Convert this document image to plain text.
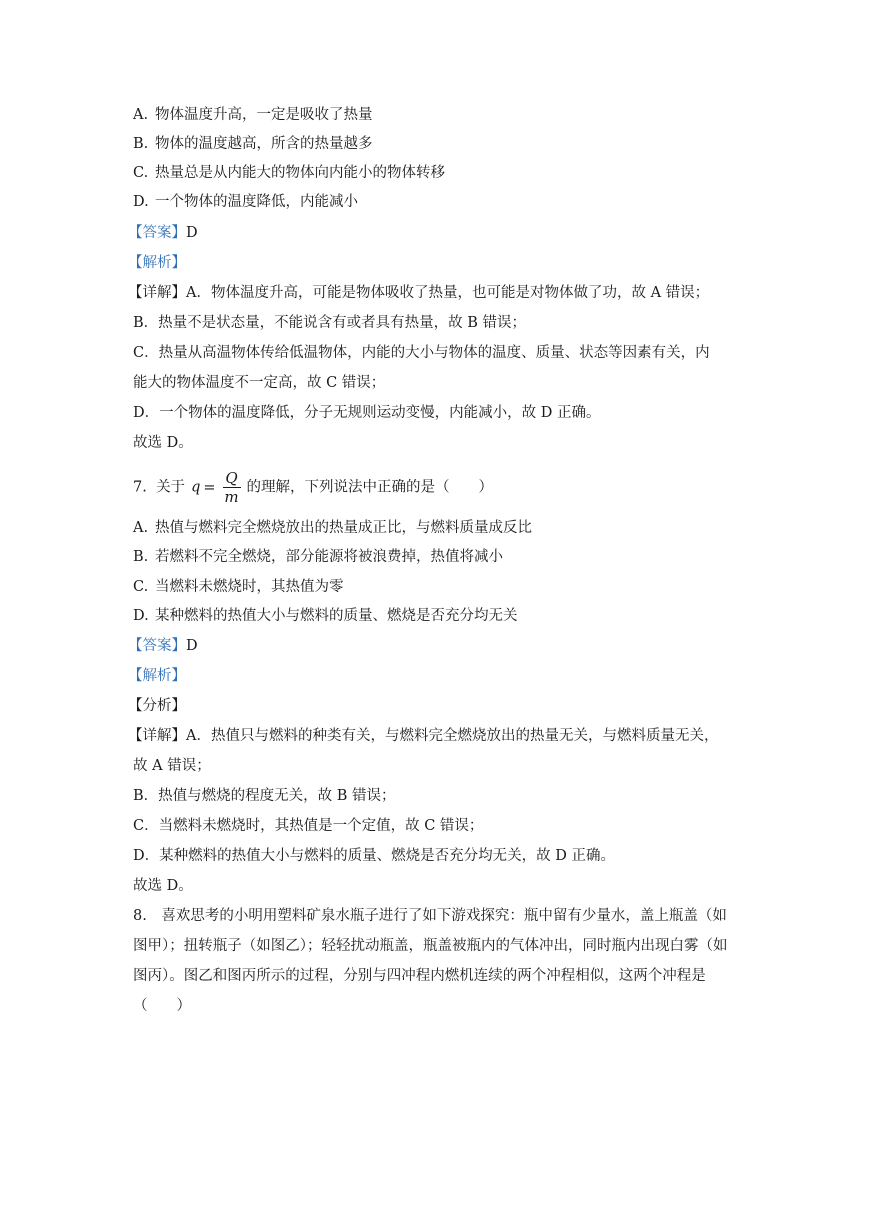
A. 物体温度升高，一定是吸收了热量
B. 物体的温度越高，所含的热量越多
C. 热量总是从内能大的物体向内能小的物体转移
D. 一个物体的温度降低，内能减小
【答案】D
【解析】
【详解】A．物体温度升高，可能是物体吸收了热量，也可能是对物体做了功，故 A 错误；
B．热量不是状态量，不能说含有或者具有热量，故 B 错误；
C．热量从高温物体传给低温物体，内能的大小与物体的温度、质量、状态等因素有关，内
能大的物体温度不一定高，故 C 错误；
D．一个物体的温度降低，分子无规则运动变慢，内能减小，故 D 正确。
故选 D。
7. 关于 $q = \frac{Q}{m}$ 的理解，下列说法中正确的是（　　）
A. 热值与燃料完全燃烧放出的热量成正比，与燃料质量成反比
B. 若燃料不完全燃烧，部分能源将被浪费掉，热值将减小
C. 当燃料未燃烧时，其热值为零
D. 某种燃料的热值大小与燃料的质量、燃烧是否充分均无关
【答案】D
【解析】
【分析】
【详解】A．热值只与燃料的种类有关，与燃料完全燃烧放出的热量无关，与燃料质量无关，
故 A 错误；
B．热值与燃烧的程度无关，故 B 错误；
C．当燃料未燃烧时，其热值是一个定值，故 C 错误；
D．某种燃料的热值大小与燃料的质量、燃烧是否充分均无关，故 D 正确。
故选 D。
8.　喜欢思考的小明用塑料矿泉水瓶子进行了如下游戏探究：瓶中留有少量水，盖上瓶盖（如
图甲）；扭转瓶子（如图乙）；轻轻扰动瓶盖，瓶盖被瓶内的气体冲出，同时瓶内出现白雾（如
图丙）。图乙和图丙所示的过程，分别与四冲程内燃机连续的两个冲程相似，这两个冲程是
（　　）
